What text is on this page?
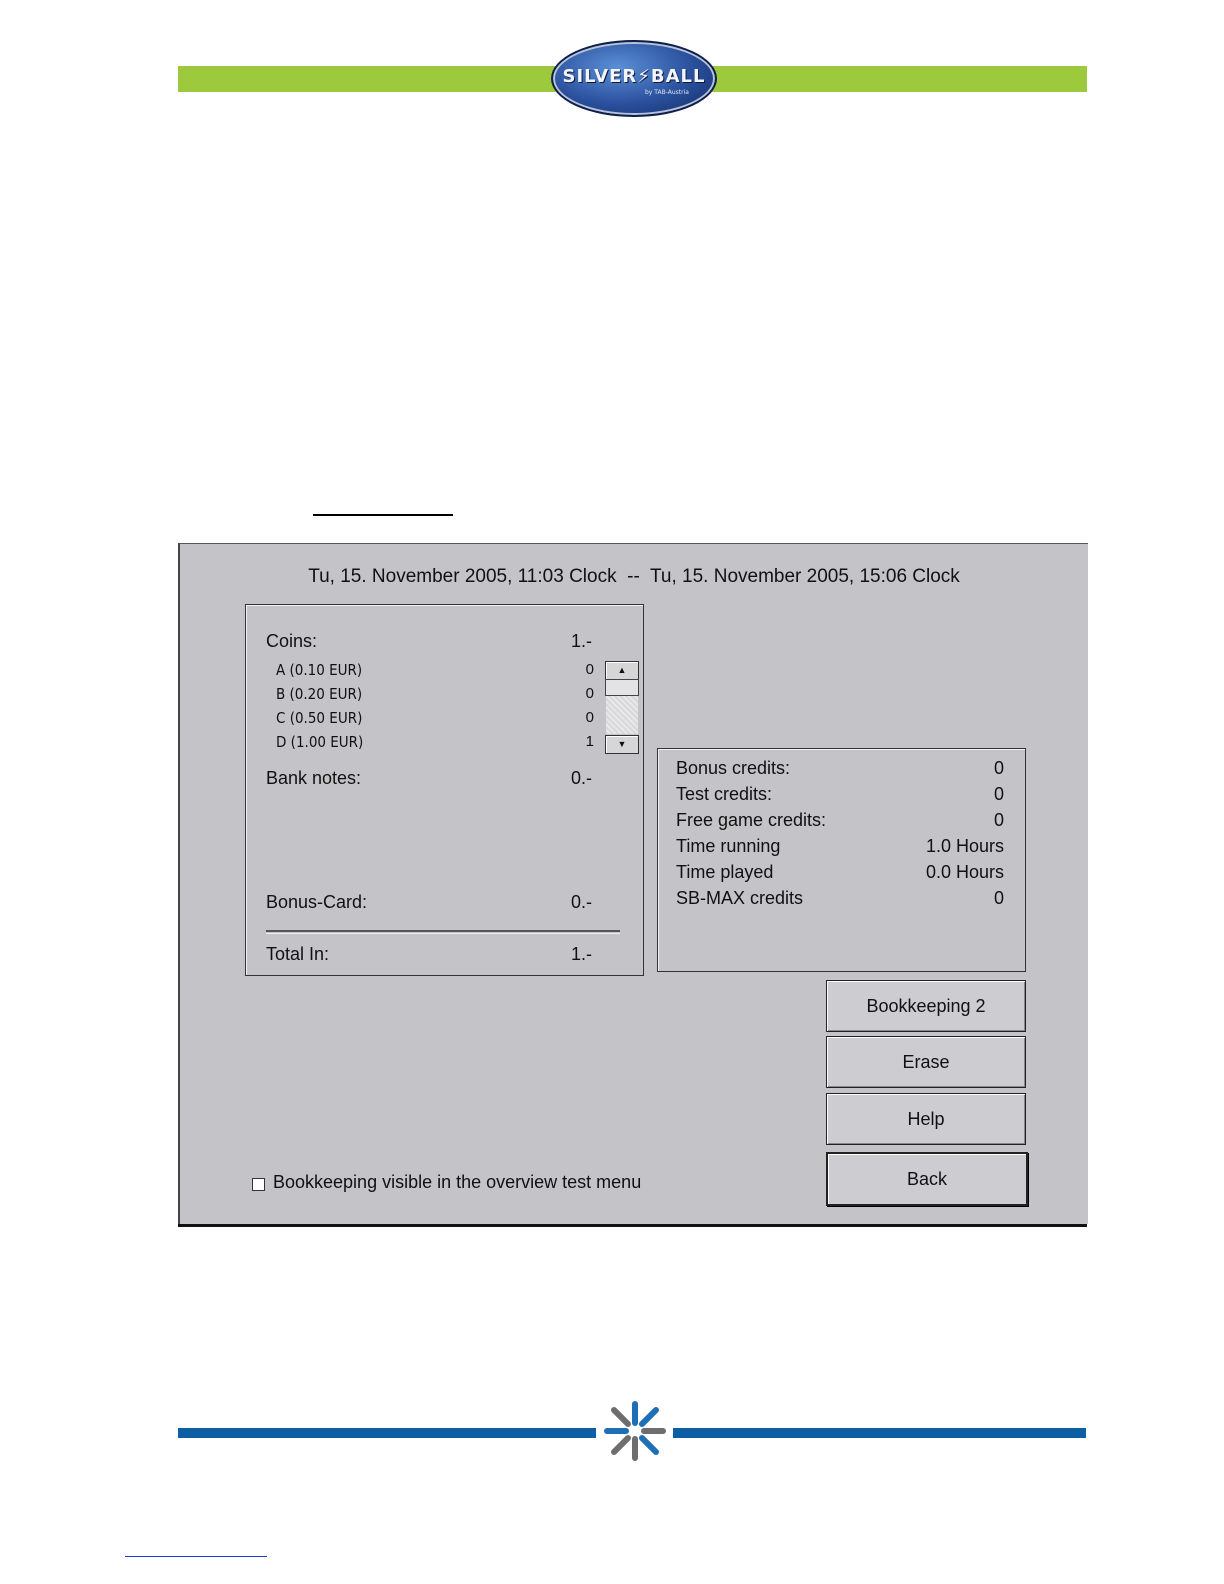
SILVER⚡BALL
by TAB-Austria
Tu, 15. November 2005, 11:03 Clock  --  Tu, 15. November 2005, 15:06 Clock
Coins:	1.-
A (0.10 EUR)	0
B (0.20 EUR)	0
C (0.50 EUR)	0
D (1.00 EUR)	1
▲
▼
Bank notes:	0.-
Bonus-Card:	0.-
Total In:	1.-
Bonus credits:	0
Test credits:	0
Free game credits:	0
Time running	1.0 Hours
Time played	0.0 Hours
SB-MAX credits	0
Bookkeeping 2
Erase
Help
Back
Bookkeeping visible in the overview test menu
